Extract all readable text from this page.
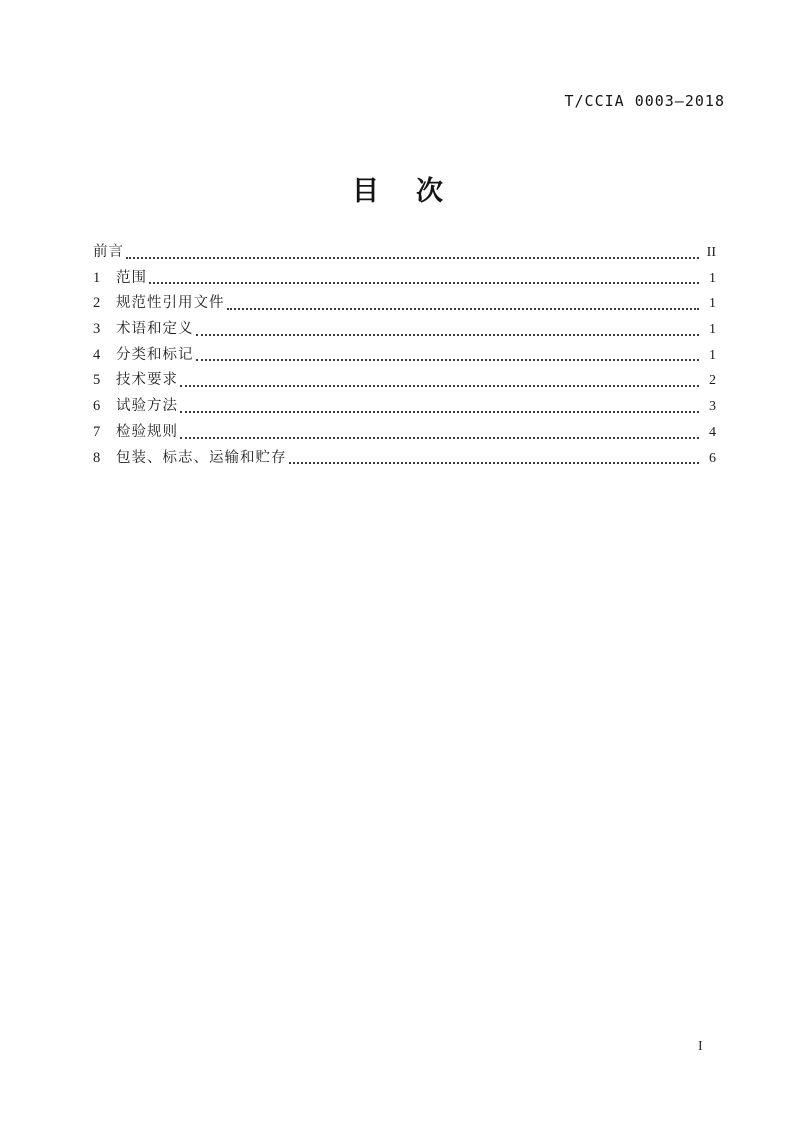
T/CCIA 0003—2018
目　次
前言	II
1	范围	1
2	规范性引用文件	1
3	术语和定义	1
4	分类和标记	1
5	技术要求	2
6	试验方法	3
7	检验规则	4
8	包装、标志、运输和贮存	6
I
